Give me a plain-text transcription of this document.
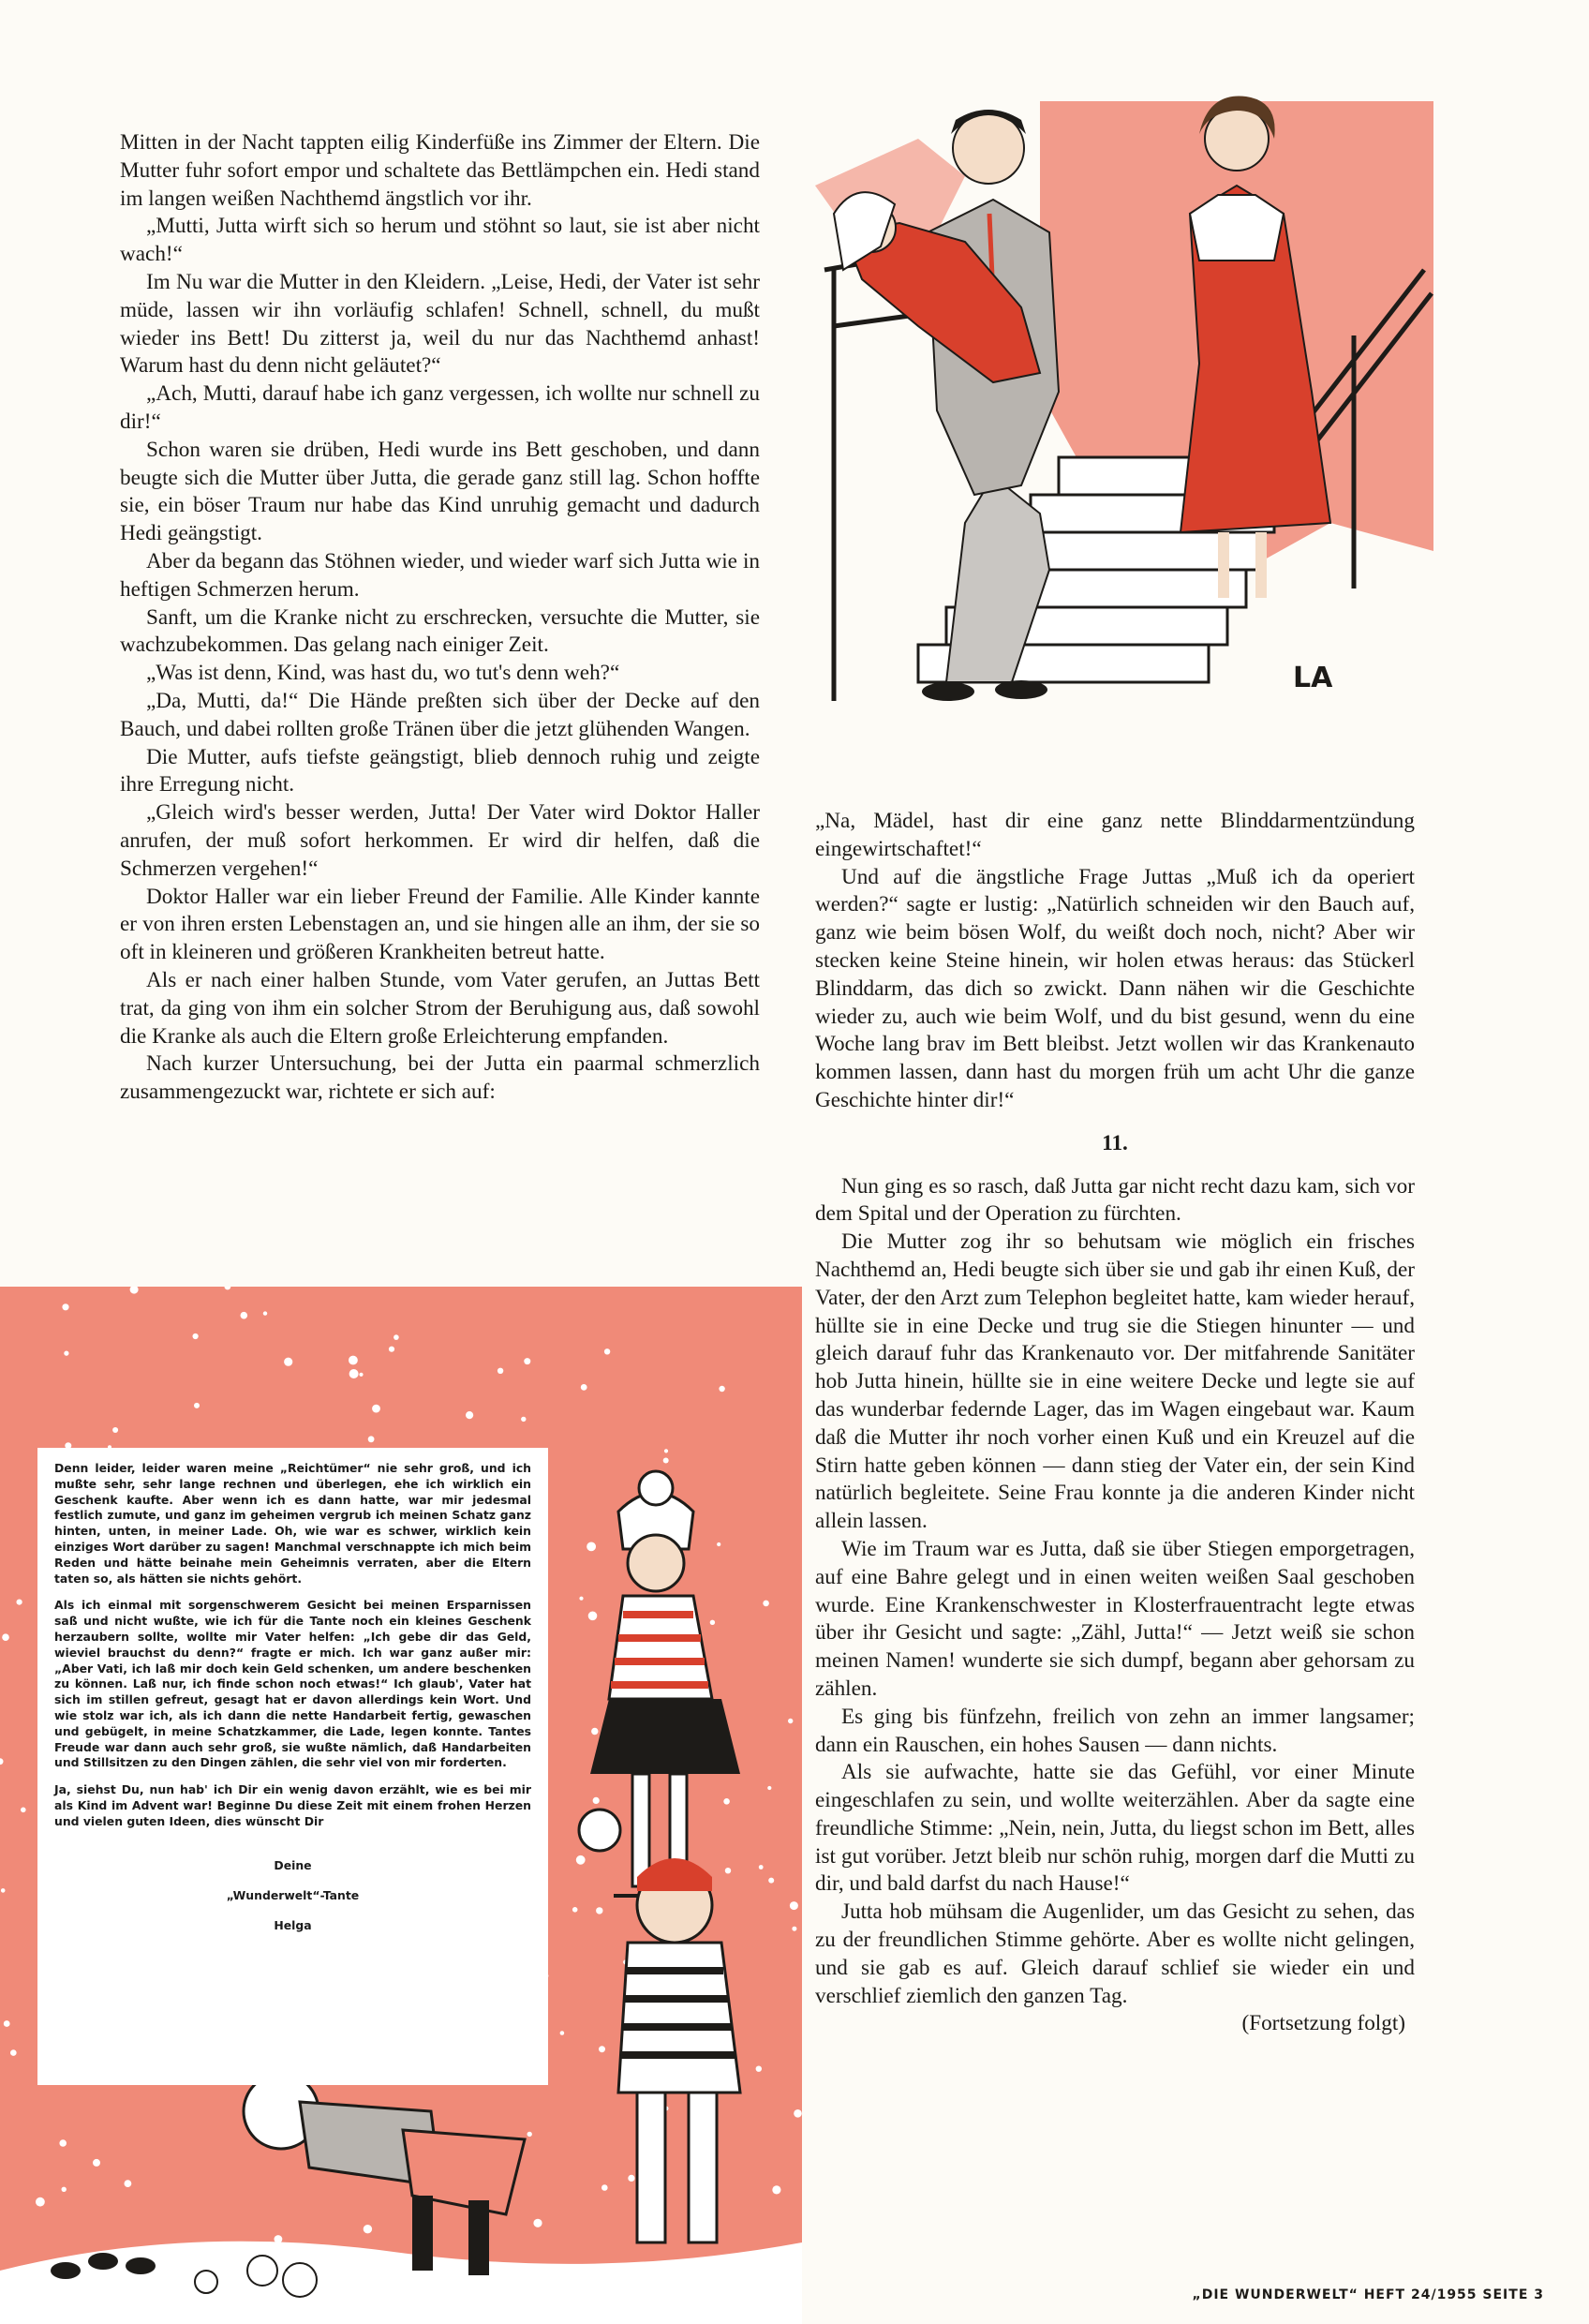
Mitten in der Nacht tappten eilig Kinderfüße ins Zimmer der Eltern. Die Mutter fuhr sofort empor und schaltete das Bettlämpchen ein. Hedi stand im langen weißen Nachthemd ängstlich vor ihr.

„Mutti, Jutta wirft sich so herum und stöhnt so laut, sie ist aber nicht wach!“

Im Nu war die Mutter in den Kleidern. „Leise, Hedi, der Vater ist sehr müde, lassen wir ihn vorläufig schlafen! Schnell, schnell, du mußt wieder ins Bett! Du zitterst ja, weil du nur das Nachthemd anhast! Warum hast du denn nicht geläutet?“

„Ach, Mutti, darauf habe ich ganz vergessen, ich wollte nur schnell zu dir!“

Schon waren sie drüben, Hedi wurde ins Bett geschoben, und dann beugte sich die Mutter über Jutta, die gerade ganz still lag. Schon hoffte sie, ein böser Traum nur habe das Kind unruhig gemacht und dadurch Hedi geängstigt.

Aber da begann das Stöhnen wieder, und wieder warf sich Jutta wie in heftigen Schmerzen herum.

Sanft, um die Kranke nicht zu erschrecken, versuchte die Mutter, sie wachzubekommen. Das gelang nach einiger Zeit.

„Was ist denn, Kind, was hast du, wo tut's denn weh?“

„Da, Mutti, da!“ Die Hände preßten sich über der Decke auf den Bauch, und dabei rollten große Tränen über die jetzt glühenden Wangen.

Die Mutter, aufs tiefste geängstigt, blieb dennoch ruhig und zeigte ihre Erregung nicht.

„Gleich wird's besser werden, Jutta! Der Vater wird Doktor Haller anrufen, der muß sofort herkommen. Er wird dir helfen, daß die Schmerzen vergehen!“

Doktor Haller war ein lieber Freund der Familie. Alle Kinder kannte er von ihren ersten Lebenstagen an, und sie hingen alle an ihm, der sie so oft in kleineren und größeren Krankheiten betreut hatte.

Als er nach einer halben Stunde, vom Vater gerufen, an Juttas Bett trat, da ging von ihm ein solcher Strom der Beruhigung aus, daß sowohl die Kranke als auch die Eltern große Erleichterung empfanden.

Nach kurzer Untersuchung, bei der Jutta ein paarmal schmerzlich zusammengezuckt war, richtete er sich auf:

LA

„Na, Mädel, hast dir eine ganz nette Blinddarmentzündung eingewirtschaftet!“

Und auf die ängstliche Frage Juttas „Muß ich da operiert werden?“ sagte er lustig: „Natürlich schneiden wir den Bauch auf, ganz wie beim bösen Wolf, du weißt doch noch, nicht? Aber wir stecken keine Steine hinein, wir holen etwas heraus: das Stückerl Blinddarm, das dich so zwickt. Dann nähen wir die Geschichte wieder zu, auch wie beim Wolf, und du bist gesund, wenn du eine Woche lang brav im Bett bleibst. Jetzt wollen wir das Krankenauto kommen lassen, dann hast du morgen früh um acht Uhr die ganze Geschichte hinter dir!“

11.

Nun ging es so rasch, daß Jutta gar nicht recht dazu kam, sich vor dem Spital und der Operation zu fürchten.

Die Mutter zog ihr so behutsam wie möglich ein frisches Nachthemd an, Hedi beugte sich über sie und gab ihr einen Kuß, der Vater, der den Arzt zum Telephon begleitet hatte, kam wieder herauf, hüllte sie in eine Decke und trug sie die Stiegen hinunter — und gleich darauf fuhr das Krankenauto vor. Der mitfahrende Sanitäter hob Jutta hinein, hüllte sie in eine weitere Decke und legte sie auf das wunderbar federnde Lager, das im Wagen eingebaut war. Kaum daß die Mutter ihr noch vorher einen Kuß und ein Kreuzel auf die Stirn hatte geben können — dann stieg der Vater ein, der sein Kind natürlich begleitete. Seine Frau konnte ja die anderen Kinder nicht allein lassen.

Wie im Traum war es Jutta, daß sie über Stiegen emporgetragen, auf eine Bahre gelegt und in einen weiten weißen Saal geschoben wurde. Eine Krankenschwester in Klosterfrauentracht legte etwas über ihr Gesicht und sagte: „Zähl, Jutta!“ — Jetzt weiß sie schon meinen Namen! wunderte sie sich dumpf, begann aber gehorsam zu zählen.

Es ging bis fünfzehn, freilich von zehn an immer langsamer; dann ein Rauschen, ein hohes Sausen — dann nichts.

Als sie aufwachte, hatte sie das Gefühl, vor einer Minute eingeschlafen zu sein, und wollte weiterzählen. Aber da sagte eine freundliche Stimme: „Nein, nein, Jutta, du liegst schon im Bett, alles ist gut vorüber. Jetzt bleib nur schön ruhig, morgen darf die Mutti zu dir, und bald darfst du nach Hause!“

Jutta hob mühsam die Augenlider, um das Gesicht zu sehen, das zu der freundlichen Stimme gehörte. Aber es wollte nicht gelingen, und sie gab es auf. Gleich darauf schlief sie wieder ein und verschlief ziemlich den ganzen Tag.

(Fortsetzung folgt)

Denn leider, leider waren meine „Reichtümer“ nie sehr groß, und ich mußte sehr, sehr lange rechnen und überlegen, ehe ich wirklich ein Geschenk kaufte. Aber wenn ich es dann hatte, war mir jedesmal festlich zumute, und ganz im geheimen vergrub ich meinen Schatz ganz hinten, unten, in meiner Lade. Oh, wie war es schwer, wirklich kein einziges Wort darüber zu sagen! Manchmal verschnappte ich mich beim Reden und hätte beinahe mein Geheimnis verraten, aber die Eltern taten so, als hätten sie nichts gehört.

Als ich einmal mit sorgenschwerem Gesicht bei meinen Ersparnissen saß und nicht wußte, wie ich für die Tante noch ein kleines Geschenk herzaubern sollte, wollte mir Vater helfen: „Ich gebe dir das Geld, wieviel brauchst du denn?“ fragte er mich. Ich war ganz außer mir: „Aber Vati, ich laß mir doch kein Geld schenken, um andere beschenken zu können. Laß nur, ich finde schon noch etwas!“ Ich glaub', Vater hat sich im stillen gefreut, gesagt hat er davon allerdings kein Wort. Und wie stolz war ich, als ich dann die nette Handarbeit fertig, gewaschen und gebügelt, in meine Schatzkammer, die Lade, legen konnte. Tantes Freude war dann auch sehr groß, sie wußte nämlich, daß Handarbeiten und Stillsitzen zu den Dingen zählen, die sehr viel von mir forderten.

Ja, siehst Du, nun hab' ich Dir ein wenig davon erzählt, wie es bei mir als Kind im Advent war! Beginne Du diese Zeit mit einem frohen Herzen und vielen guten Ideen, dies wünscht Dir

Deine
„Wunderwelt“-Tante
Helga
„DIE WUNDERWELT“ HEFT 24/1955 SEITE 3
